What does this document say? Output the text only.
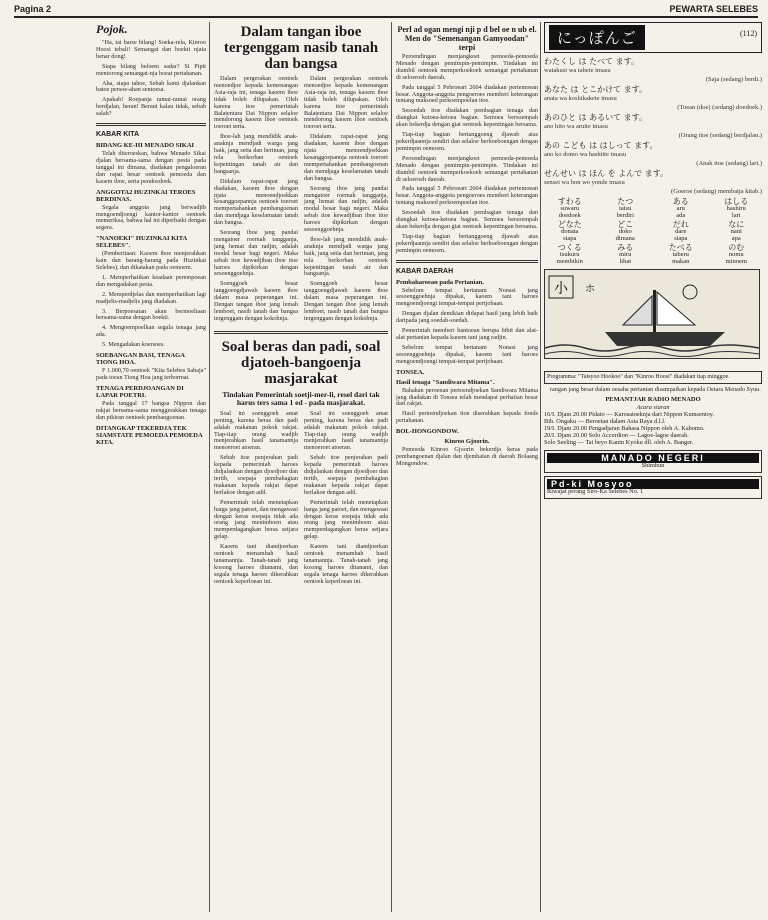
Pagina 2	PEWARTA SELEBES
Pojok.

"Ha, tai barse bilang! Soeka-rela, Kinroo Hoosi tebali! Semangat dan boekti njata benar dong!

Siapa bilang beloem sadar? Si Pipit mentorong semangat-nja boeat pertahanan.

Aha, siapa tahoe, Sebab kami djalankan batoe persoe-ahan sentoesa.

Apakah! Roepanja ramai-ramai orang berdjalan, heran! Berani kalau tidak, sebab salah?

KABAR KITA
BIDANG KE-III MENADO SIKAI

Telah diteroeskan, bahwa Menado Sikai djalan bersama-sama dengan pesta pada tanggal ini dimana, diadakan pengaloeran dan rapat besar oentoek pemoeda dan kaoem iboe, serta pendoedoek.

ANGGOTA2 HUZINKAI TEROES BERDINAS.

Segala anggota jang berwadjib mengoendjoengi kantor-kantor oentoek memeriksa, bahwa hal ini diperbaiki dengan segera.

"NANOEKI" HUZINKAI KITA SELEBES".

(Pemberitaan: Kaoem iboe menjerahkan kain dan barang-barang pada Huzinkai Selebes), dan dikatakan pada oemoem.

1. Memperhatikan keadaan perempoean dan mengadakan pesta.

2. Memperdjelas dan memperhatikan lagi madjelis-madjelis jang diadakan.

3. Berpoesatan akan bermoeliaan bersama-sama dengan boekti.

4. Mengoempoelkan segala tenaga jang ada.

5. Mengadakan koersoes.

SOEBANGAN BASI, TENAGA TIONG HOA.

F 1.000,70 oentoek "Kita Selebes Sahaja" pada toean Tiong Hoa jang terhormat.

TENAGA PERDJOANGAN DI LAPAR POETRI.

Pada tanggal 17 bangsa Nippon dan rakjat bersama-sama menggerakkan tenaga dan pikiran oentoek pembangoenan.

DITANGKAP TEKERDJA TEK SIAMSTATE PEMOEDA PEMOEDA KITA.
Dalam tangan iboe tergenggam nasib tanah dan bangsa

Dalam pergerakan oentoek menoedjoe kepada kemenangan Asia-raja ini, tenaga kaoem iboe tidak boleh dilupakan. Oleh karena itoe pemerintah Balatentara Dai Nippon selaloe mendorong kaoem iboe oentoek toeroet serta.

Iboe-lah jang mendidik anak-anaknja mendjadi warga jang baik, jang setia dan beriman, jang rela berkorban oentoek kepentingan tanah air dan bangsanja.

Didalam rapat-rapat jang diadakan, kaoem iboe dengan njata menoendjoekkan kesanggoepannja oentoek toeroet mempertahankan pembangoenan dan mendjaga keselamatan tanah dan bangsa.

Seorang iboe jang pandai mengatoer roemah tangganja, jang hemat dan radjin, adalah modal besar bagi negeri. Maka sebab itoe kewadjiban iboe itoe haroes dipikirkan dengan sesoenggoehnja.

Soenggoeh besar tanggoengdjawab kaoem iboe dalam masa peperangan ini. Dengan tangan iboe jang lemah lemboet, nasib tanah dan bangsa tergenggam dengan kokohnja.

Dalam pergerakan oentoek menoedjoe kepada kemenangan Asia-raja ini, tenaga kaoem iboe tidak boleh dilupakan. Oleh karena itoe pemerintah Balatentara Dai Nippon selaloe mendorong kaoem iboe oentoek toeroet serta.

Didalam rapat-rapat jang diadakan, kaoem iboe dengan njata menoendjoekkan kesanggoepannja oentoek toeroet mempertahankan pembangoenan dan mendjaga keselamatan tanah dan bangsa.

Seorang iboe jang pandai mengatoer roemah tangganja, jang hemat dan radjin, adalah modal besar bagi negeri. Maka sebab itoe kewadjiban iboe itoe haroes dipikirkan dengan sesoenggoehnja.

Iboe-lah jang mendidik anak-anaknja mendjadi warga jang baik, jang setia dan beriman, jang rela berkorban oentoek kepentingan tanah air dan bangsanja.

Soenggoeh besar tanggoengdjawab kaoem iboe dalam masa peperangan ini. Dengan tangan iboe jang lemah lemboet, nasib tanah dan bangsa tergenggam dengan kokohnja.

Soal beras dan padi, soal djatoeh-bangoenja masjarakat
Tindakan Pemerintah soetji-mer-li, resel dari tak harus ters sama 1 ed - pada masjarakat.

Soal ini soenggoeh amat penting, karena beras dan padi adalah makanan pokok rakjat. Tiap-tiap orang wadjib menjerahkan hasil tanamannja menoeroet atoeran.

Sebab itoe penjerahan padi kepada pemerintah haroes didjalankan dengan djoedjoer dan tertib, soepaja pembahagian makanan kepada rakjat dapat berlakoe dengan adil.

Pemerintah telah menetapkan harga jang patoet, dan mengawasi dengan keras soepaja tidak ada orang jang menimboen atau memperdagangkan beras setjara gelap.

Kaoem tani diandjoerkan oentoek menambah hasil tanamannja. Tanah-tanah jang kosong haroes ditanami, dan segala tenaga haroes dikerahkan oentoek keperloean ini.

Soal ini soenggoeh amat penting, karena beras dan padi adalah makanan pokok rakjat. Tiap-tiap orang wadjib menjerahkan hasil tanamannja menoeroet atoeran.

Sebab itoe penjerahan padi kepada pemerintah haroes didjalankan dengan djoedjoer dan tertib, soepaja pembahagian makanan kepada rakjat dapat berlakoe dengan adil.

Pemerintah telah menetapkan harga jang patoet, dan mengawasi dengan keras soepaja tidak ada orang jang menimboen atau memperdagangkan beras setjara gelap.

Kaoem tani diandjoerkan oentoek menambah hasil tanamannja. Tanah-tanah jang kosong haroes ditanami, dan segala tenaga haroes dikerahkan oentoek keperloean ini.

Perl ad ogan mengi nji p d bel oe n ub el. Men do "Semenangan Gamyoodan" terpi

Peroendingan menjangkoet pemoeda-pemoeda Menado dengan pemimpin-pemimpin. Tindakan ini diambil oentoek memperkoekoeh semangat pertahanan di seloeroeh daerah.

Pada tanggal 5 Pebroeari 2604 diadakan pertemoean besar. Anggota-anggota pengoeroes memberi keterangan tentang maksoed perkoempoelan itoe.

Sesoedah itoe diadakan pembagian tenaga dan diangkat ketoea-ketoea bagian. Semoea bersoempah akan bekerdja dengan giat oentoek kepentingan bersama.

Tiap-tiap bagian bertanggoeng djawab atas pekerdjaannja sendiri dan selaloe berhoeboengan dengan pemimpin oemoem.

Peroendingan menjangkoet pemoeda-pemoeda Menado dengan pemimpin-pemimpin. Tindakan ini diambil oentoek memperkoekoeh semangat pertahanan di seloeroeh daerah.

Pada tanggal 5 Pebroeari 2604 diadakan pertemoean besar. Anggota-anggota pengoeroes memberi keterangan tentang maksoed perkoempoelan itoe.

Sesoedah itoe diadakan pembagian tenaga dan diangkat ketoea-ketoea bagian. Semoea bersoempah akan bekerdja dengan giat oentoek kepentingan bersama.

Tiap-tiap bagian bertanggoeng djawab atas pekerdjaannja sendiri dan selaloe berhoeboengan dengan pemimpin oemoem.

KABAR DAERAH
Pembaharoean pada Pertanian.

Sebelom tempat bertanam Nonasi jang sesoenggoehnja dipakai, kaoem tani haroes mengoendjoengi tempat-tempat pertjobaan.

Dengan djalan demikian didapat hasil jang lebih baik daripada jang soedah-soedah.

Pemerintah memberi bantoean berupa bibit dan alat-alat pertanian kepada kaoem tani jang radjin.

Sebelom tempat bertanam Nonasi jang sesoenggoehnja dipakai, kaoem tani haroes mengoendjoengi tempat-tempat pertjobaan.

TONSEA.
Hasil tenaga "Sandiwara Mitama".

Bahakan peroenan pertoendjoekan Sandiwara Mitama jang diadakan di Tonsea telah mendapat perhatian besar dari rakjat.

Hasil pertoendjoekan itoe diserahkan kepada fonds pertahanan.

BOL-HONGONDOW.
Kinroo Gjoorin.

Pemoeda Kinroo Gjoorin bekerdja keras pada pembangoenan djalan dan djembatan di daerah Bolaang Mongondow.

にっぽんご	(112)
わたくし は たべて ます。
watakusi wa tabete imasu
(Saja (sedang) berdi.)
あなた は とこかけて ます。
anata wa koshikakete imasu
(Toean (doe) (sedang) doedoek.)
あのひと は あるいて ます。
ano hito wa aruite imasu
(Orang itoe (sedang) berdjalan.)
あの こども は はしって ます。
ano ko domo wa hashitte imasu
(Anak itoe (sedang) lari.)
せんせい は ほん を よんで ます。
sensei wa hon wo yonde imasu
(Goeroe (sedang) membatja kitab.)
すわる
suwaru
doedoek
たつ
tatsu
berdiri
ある
aru
ada
はしる
hashiru
lari
どなた
donata
siapa
どこ
doko
dimana
だれ
dare
siapa
なに
nani
apa
つくる
tsukuru
membikin
みる
miru
lihat
たべる
taberu
makan
のむ
nomu
minoem
小 ホ
Programma: "Taisyoo Hookoo" dan "Kinroo Hoosi" diadakan tiap minggoe.

rangan jang besar dalam oesaha pertanian disampaikan kepada Oetara Menado Syuu.

PEMANTJAR RADIO MENADO
Acara siaran
16/I. Djam 20.00 Pidato — Karosatoeknja dari Nippon Kumsentoy.
Bib. Ongaku — Beroetan dalam Asia Raya d.l.l.
19/I. Djam 20.00 Pengadjaran Bahasa Nippon oleh A. Kabomo.
20/I. Djam 20.00 Solo Accordion — Lagoe-lagoe daerah.
Solo Seeling — Tai beyo Kanin Kyoku dll. oleh A. Banger.
MANADO NEGERI
Shimbun
Pd-ki Mosyoo
Riwajat perang Siro-Ka Selebes No. 1
